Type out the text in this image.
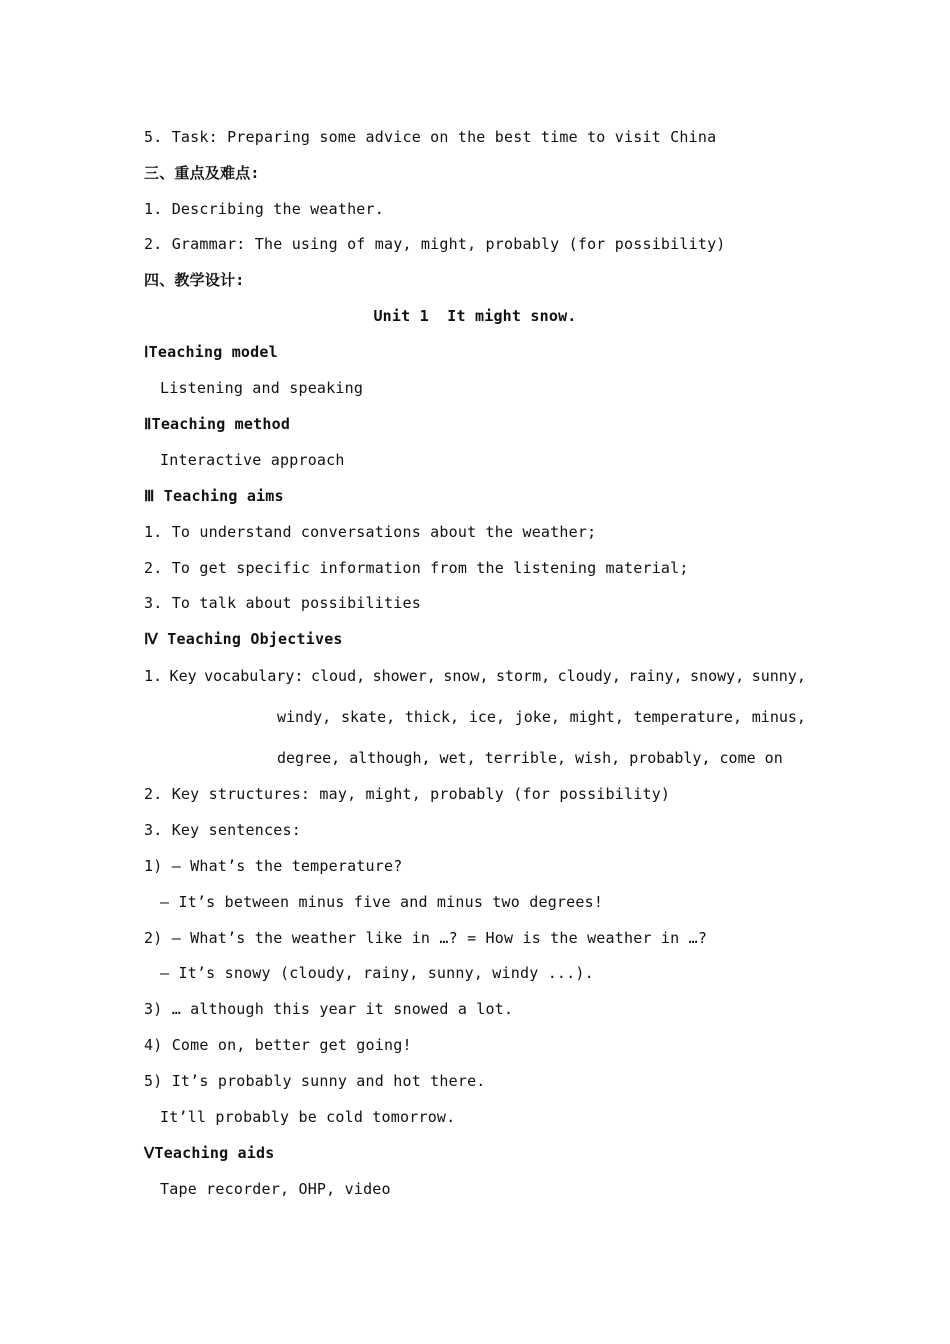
5. Task: Preparing some advice on the best time to visit China
三、重点及难点:
1. Describing the weather.
2. Grammar: The using of may, might, probably (for possibility)
四、教学设计:
Unit 1  It might snow.
ⅠTeaching model
Listening and speaking
ⅡTeaching method
Interactive approach
Ⅲ Teaching aims
1. To understand conversations about the weather;
2. To get specific information from the listening material;
3. To talk about possibilities
Ⅳ Teaching Objectives
1. Key vocabulary: cloud, shower, snow, storm, cloudy, rainy, snowy, sunny,
windy, skate, thick, ice, joke, might, temperature, minus,
degree, although, wet, terrible, wish, probably, come on
2. Key structures: may, might, probably (for possibility)
3. Key sentences:
1) — What’s the temperature?
— It’s between minus five and minus two degrees!
2) — What’s the weather like in …? = How is the weather in …?
— It’s snowy (cloudy, rainy, sunny, windy ...).
3) … although this year it snowed a lot.
4) Come on, better get going!
5) It’s probably sunny and hot there.
It’ll probably be cold tomorrow.
ⅤTeaching aids
Tape recorder, OHP, video
